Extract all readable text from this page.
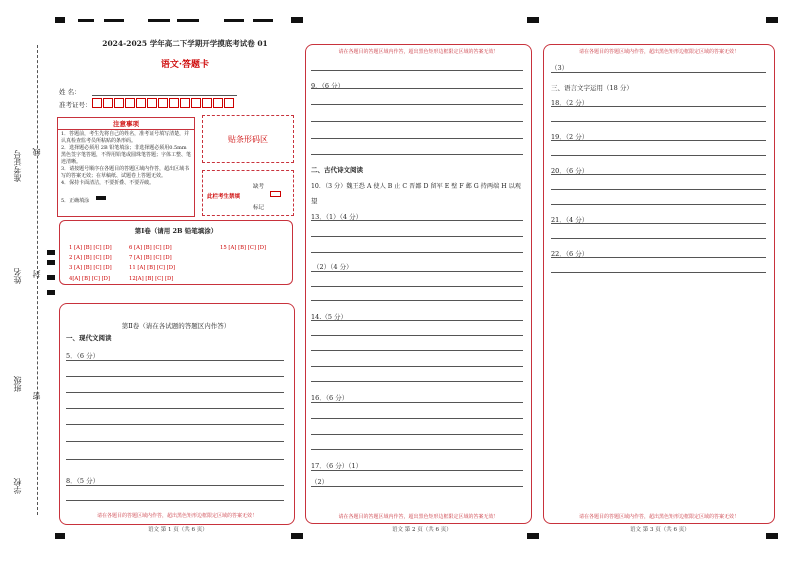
准考证号 线
姓名 封
班级
密
学校
2024-2025 学年高二下学期开学摸底考试卷 01
语文·答题卡
姓 名：
准考证号：
注意事项
1．答题前，考生先将自己的姓名，准考证号填写清楚，并认真检查监考员所粘贴的条形码。
2．选择题必须用 2B 铅笔填涂；非选择题必须用0.5mm 黑色签字笔答题，不得用铅笔或圆珠笔答题；字体工整、笔迹清晰。
3．请按题号顺序在各题目的答题区域内作答，超出区域书写的答案无效；在草稿纸、试题卷上答题无效。
4．保持卡面清洁，不要折叠、不要弄破。
5．正确填涂
贴条形码区
此栏考生禁填
缺考
标记
第Ⅰ卷（请用 2B 铅笔填涂）
1 [A] [B] [C] [D]
2 [A] [B] [C] [D]
3 [A] [B] [C] [D]
4[A] [B] [C] [D]
6 [A] [B] [C] [D]
7 [A] [B] [C] [D]
11 [A] [B] [C] [D]
12[A] [B] [C] [D]
15 [A] [B] [C] [D]
请在各题目的答题区域内作答，超出黑色矩形边框限定区域的答案无效！
第Ⅱ卷（请在各试题的答题区内作答）
一、现代文阅读
5．（6 分）
8．（5 分）
语文 第 1 页（共 6 页）
请在各题目的答题区域内作答，超出黑色矩形边框限定区域的答案无效！
请在各题目的答题区域内作答，超出黑色矩形边框限定区域的答案无效！
9．（6 分）
二、古代诗文阅读
10．（3 分）魏王恐 A 使人 B 止 C 晋鄙 D 留军 E 壁 F 邺 G 持两端 H 以观
望
13．（1）（4 分）
（2）（4 分）
14.（5 分）
16．（6 分）
17．（6 分）（1）
（2）
语文 第 2 页（共 6 页）
请在各题目的答题区域内作答，超出黑色矩形边框限定区域的答案无效！
请在各题目的答题区域内作答，超出黑色矩形边框限定区域的答案无效！
（3）
三、语言文字运用（18 分）
18．（2 分）
19．（2 分）
20．（6 分）
21．（4 分）
22．（6 分）
语文 第 3 页（共 6 页）
